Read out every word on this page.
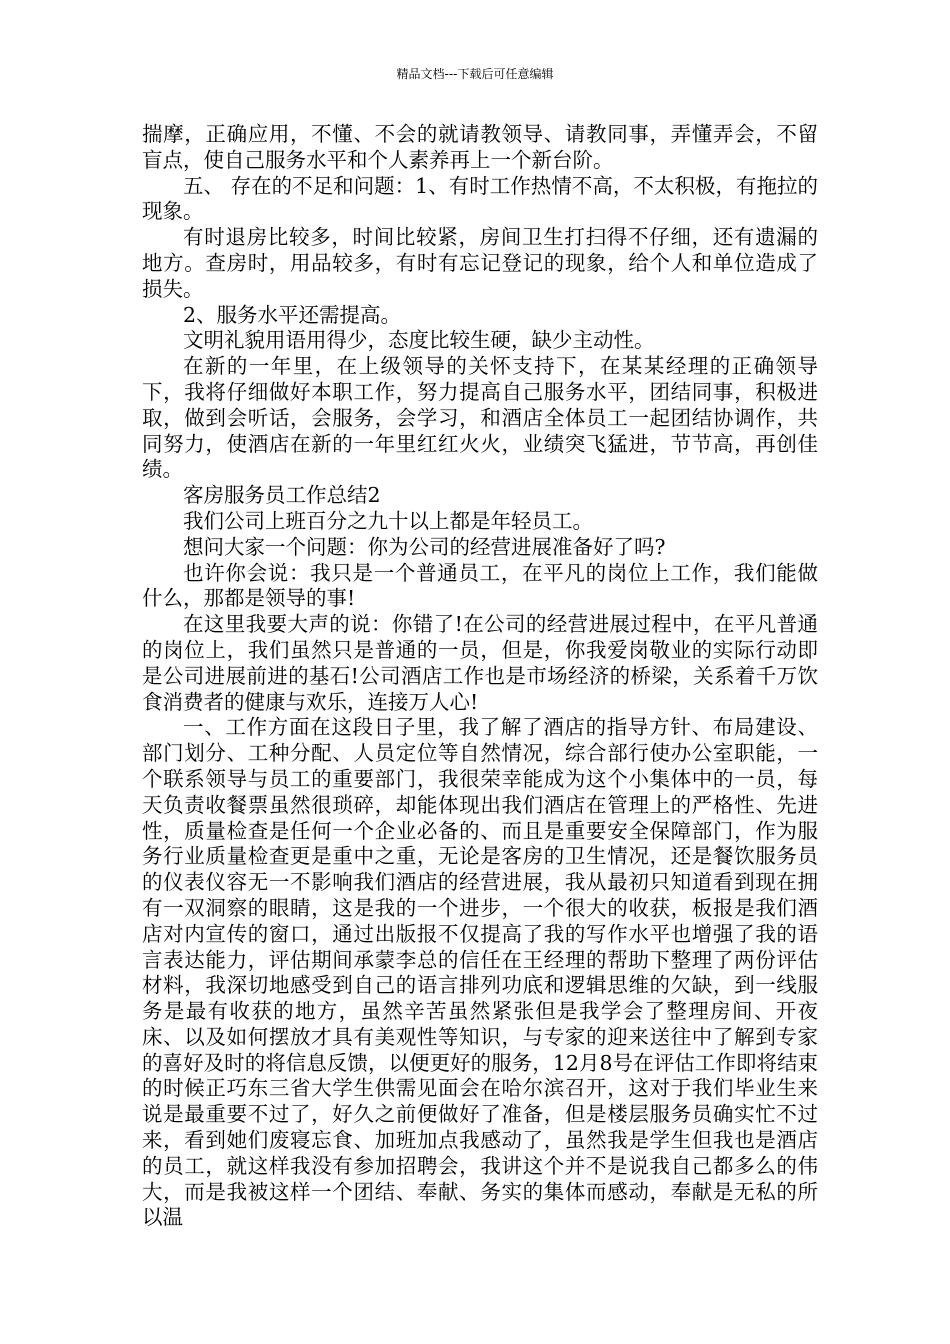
精品文档---下载后可任意编辑

揣摩，正确应用，不懂、不会的就请教领导、请教同事，弄懂弄会，不留盲点，使自己服务水平和个人素养再上一个新台阶。

五、 存在的不足和问题：1、有时工作热情不高，不太积极，有拖拉的现象。

有时退房比较多，时间比较紧，房间卫生打扫得不仔细，还有遗漏的地方。查房时，用品较多，有时有忘记登记的现象，给个人和单位造成了损失。

2、服务水平还需提高。

文明礼貌用语用得少，态度比较生硬，缺少主动性。

在新的一年里，在上级领导的关怀支持下，在某某经理的正确领导下，我将仔细做好本职工作，努力提高自己服务水平，团结同事，积极进取，做到会听话，会服务，会学习，和酒店全体员工一起团结协调作，共同努力，使酒店在新的一年里红红火火，业绩突飞猛进，节节高，再创佳绩。

客房服务员工作总结2

我们公司上班百分之九十以上都是年轻员工。

想问大家一个问题：你为公司的经营进展准备好了吗?

也许你会说：我只是一个普通员工，在平凡的岗位上工作，我们能做什么，那都是领导的事!

在这里我要大声的说：你错了!在公司的经营进展过程中，在平凡普通的岗位上，我们虽然只是普通的一员，但是，你我爱岗敬业的实际行动即是公司进展前进的基石!公司酒店工作也是市场经济的桥梁，关系着千万饮食消费者的健康与欢乐，连接万人心!

一、工作方面在这段日子里，我了解了酒店的指导方针、布局建设、部门划分、工种分配、人员定位等自然情况，综合部行使办公室职能，一个联系领导与员工的重要部门，我很荣幸能成为这个小集体中的一员，每天负责收餐票虽然很琐碎，却能体现出我们酒店在管理上的严格性、先进性，质量检查是任何一个企业必备的、而且是重要安全保障部门，作为服务行业质量检查更是重中之重，无论是客房的卫生情况，还是餐饮服务员的仪表仪容无一不影响我们酒店的经营进展，我从最初只知道看到现在拥有一双洞察的眼睛，这是我的一个进步，一个很大的收获，板报是我们酒店对内宣传的窗口，通过出版报不仅提高了我的写作水平也增强了我的语言表达能力，评估期间承蒙李总的信任在王经理的帮助下整理了两份评估材料，我深切地感受到自己的语言排列功底和逻辑思维的欠缺，到一线服务是最有收获的地方，虽然辛苦虽然紧张但是我学会了整理房间、开夜床、以及如何摆放才具有美观性等知识，与专家的迎来送往中了解到专家的喜好及时的将信息反馈，以便更好的服务，12月8号在评估工作即将结束的时候正巧东三省大学生供需见面会在哈尔滨召开，这对于我们毕业生来说是最重要不过了，好久之前便做好了准备，但是楼层服务员确实忙不过来，看到她们废寝忘食、加班加点我感动了，虽然我是学生但我也是酒店的员工，就这样我没有参加招聘会，我讲这个并不是说我自己都多么的伟大，而是我被这样一个团结、奉献、务实的集体而感动，奉献是无私的所以温
